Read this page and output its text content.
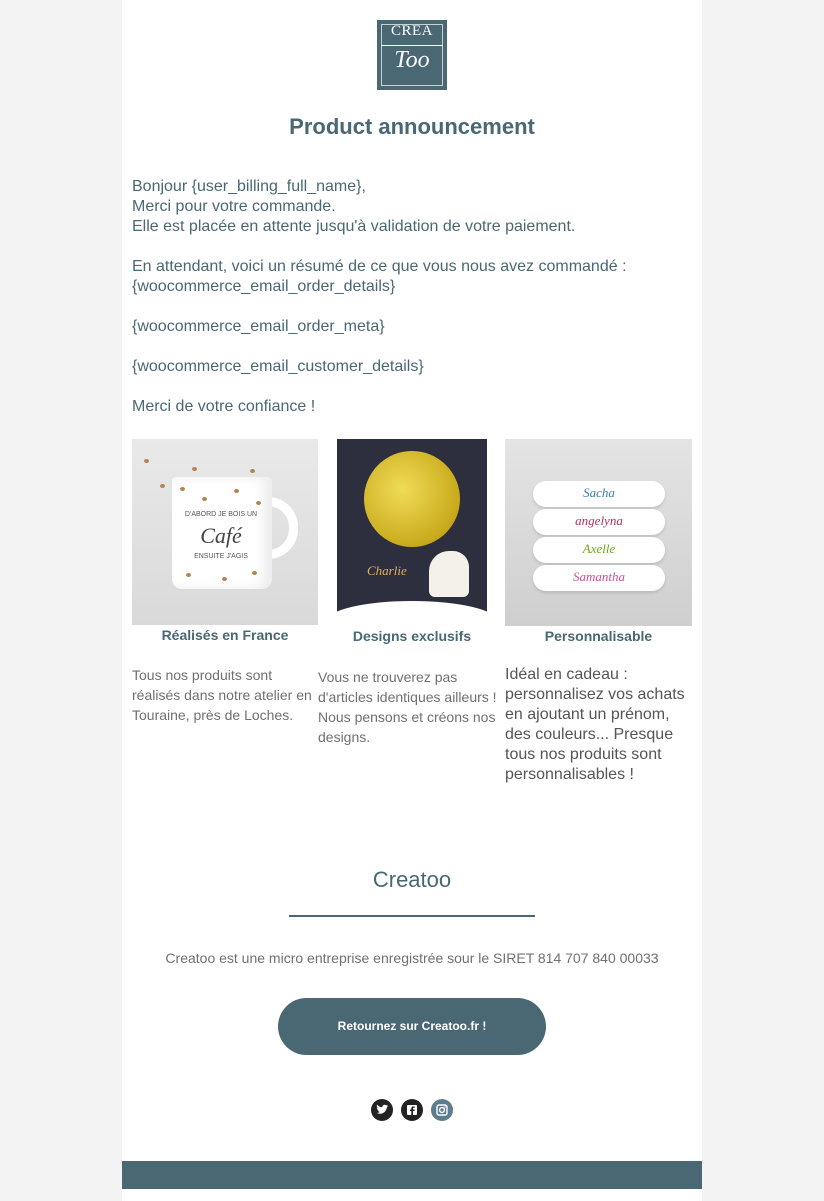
CREA
Too
Product announcement

Bonjour {user_billing_full_name},

Merci pour votre commande.

Elle est placée en attente jusqu'à validation de votre paiement.

En attendant, voici un résumé de ce que vous nous avez commandé :

{woocommerce_email_order_details}

{woocommerce_email_order_meta}

{woocommerce_email_customer_details}

Merci de votre confiance !

D'ABORD JE BOIS UN
Café
ENSUITE J'AGIS
Réalisés en France
Tous nos produits sont réalisés dans notre atelier en Touraine, près de Loches.
Charlie
Designs exclusifs
Vous ne trouverez pas d'articles identiques ailleurs ! Nous pensons et créons nos designs.
Sacha
angelyna
Axelle
Samantha
Personnalisable
Idéal en cadeau : personnalisez vos achats en ajoutant un prénom, des couleurs... Presque tous nos produits sont personnalisables !
Creatoo
Creatoo est une micro entreprise enregistrée sour le SIRET 814 707 840 00033
Retournez sur Creatoo.fr !
